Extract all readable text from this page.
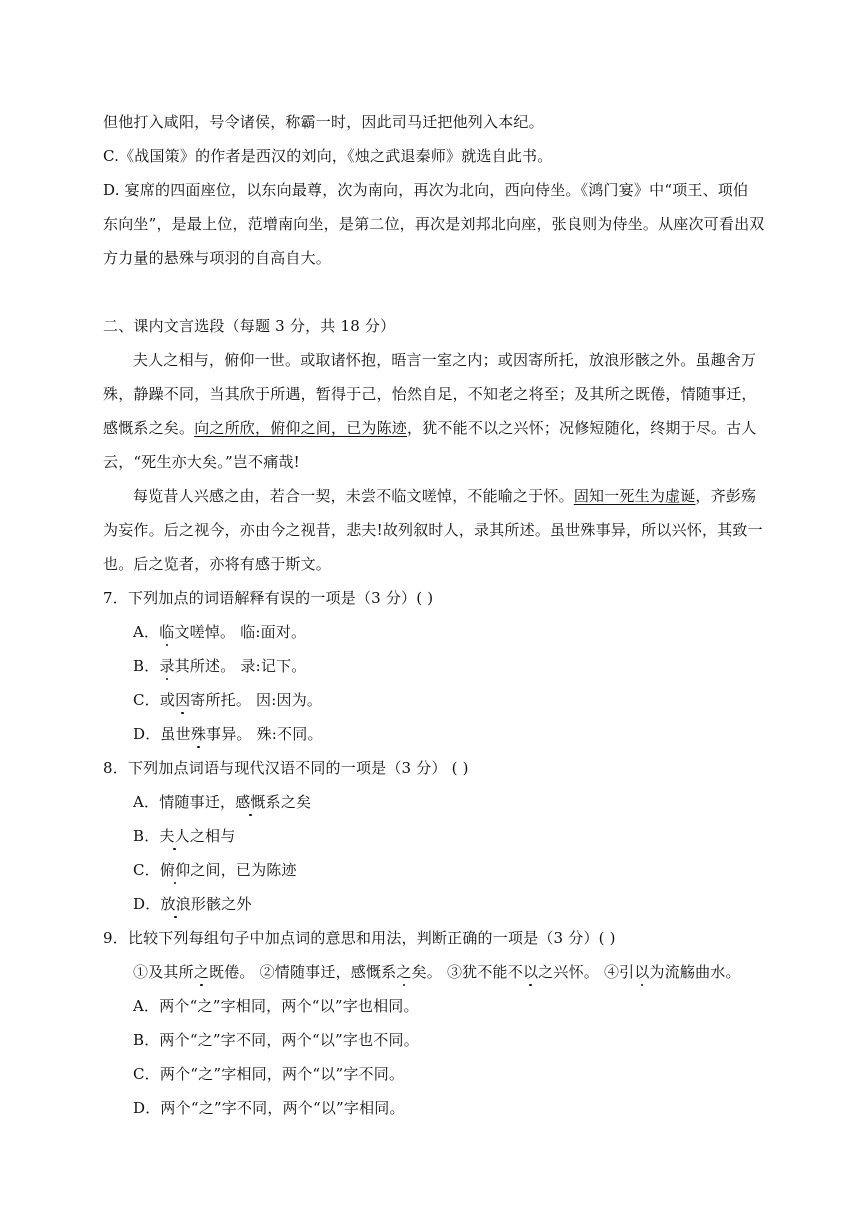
但他打入咸阳，号令诸侯，称霸一时，因此司马迁把他列入本纪。
C.《战国策》的作者是西汉的刘向，《烛之武退秦师》就选自此书。
D. 宴席的四面座位，以东向最尊，次为南向，再次为北向，西向侍坐。《鸿门宴》中“项王、项伯
东向坐”，是最上位，范增南向坐，是第二位，再次是刘邦北向座，张良则为侍坐。从座次可看出双
方力量的悬殊与项羽的自高自大。
二、课内文言选段（每题 3 分，共 18 分）
夫人之相与，俯仰一世。或取诸怀抱，晤言一室之内；或因寄所托，放浪形骸之外。虽趣舍万
殊，静躁不同，当其欣于所遇，暂得于己，怡然自足，不知老之将至；及其所之既倦，情随事迁，
感慨系之矣。向之所欣，俯仰之间，已为陈迹，犹不能不以之兴怀；况修短随化，终期于尽。古人
云，“死生亦大矣。”岂不痛哉!
每览昔人兴感之由，若合一契，未尝不临文嗟悼，不能喻之于怀。固知一死生为虚诞，齐彭殇
为妄作。后之视今，亦由今之视昔，悲夫!故列叙时人，录其所述。虽世殊事异，所以兴怀，其致一
也。后之览者，亦将有感于斯文。
7．下列加点的词语解释有误的一项是（3 分）( )
A．临文嗟悼。 临:面对。
B．录其所述。 录:记下。
C．或因寄所托。 因:因为。
D．虽世殊事异。 殊:不同。
8．下列加点词语与现代汉语不同的一项是（3 分） ( )
A．情随事迁，感慨系之矣
B．夫人之相与
C．俯仰之间，已为陈迹
D．放浪形骸之外
9．比较下列每组句子中加点词的意思和用法，判断正确的一项是（3 分）( )
①及其所之既倦。 ②情随事迁，感慨系之矣。 ③犹不能不以之兴怀。 ④引以为流觞曲水。
A．两个“之”字相同，两个“以”字也相同。
B．两个“之”字不同，两个“以”字也不同。
C．两个“之”字相同，两个“以”字不同。
D．两个“之”字不同，两个“以”字相同。
